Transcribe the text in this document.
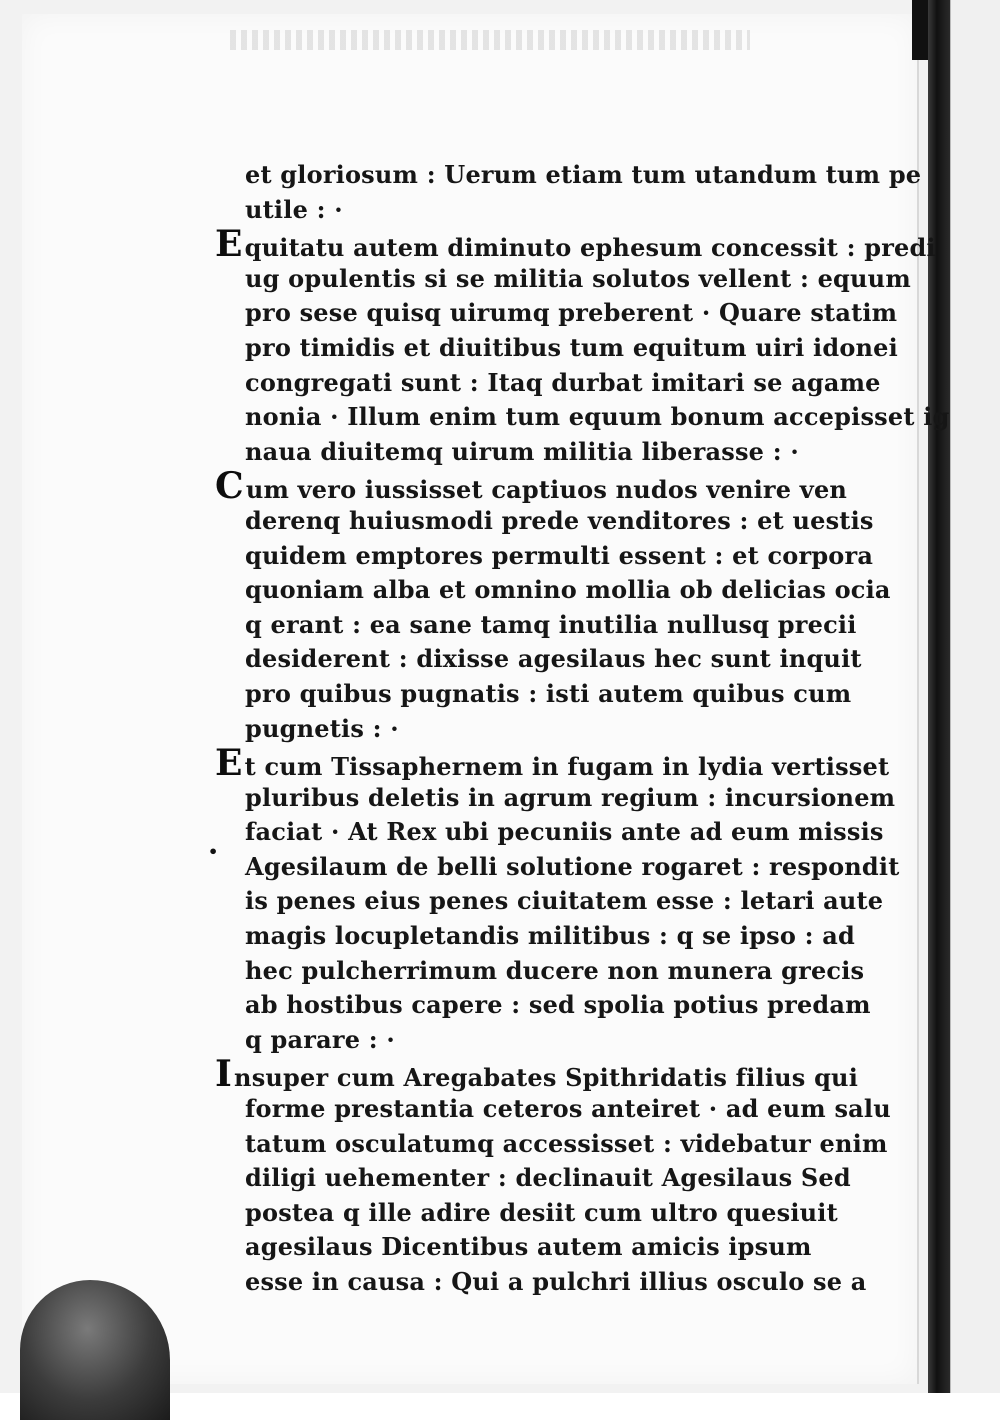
•
et gloriosum : Uerum etiam tum utandum tum pe
utile : ·
Equitatu autem diminuto ephesum concessit : predi
ug opulentis si se militia solutos vellent : equum
pro sese quisq uirumq preberent · Quare statim
pro timidis et diuitibus tum equitum uiri idonei
congregati sunt : Itaq durbat imitari se agame
nonia · Illum enim tum equum bonum accepisset ig
naua diuitemq uirum militia liberasse : ·
Cum vero iussisset captiuos nudos venire ven
derenq huiusmodi prede venditores : et uestis
quidem emptores permulti essent : et corpora
quoniam alba et omnino mollia ob delicias ocia
q erant : ea sane tamq inutilia nullusq precii
desiderent : dixisse agesilaus hec sunt inquit
pro quibus pugnatis : isti autem quibus cum
pugnetis : ·
Et cum Tissaphernem in fugam in lydia vertisset
pluribus deletis in agrum regium : incursionem
faciat · At Rex ubi pecuniis ante ad eum missis
Agesilaum de belli solutione rogaret : respondit
is penes eius penes ciuitatem esse : letari aute
magis locupletandis militibus : q se ipso : ad
hec pulcherrimum ducere non munera grecis
ab hostibus capere : sed spolia potius predam
q parare : ·
Insuper cum Aregabates Spithridatis filius qui
forme prestantia ceteros anteiret · ad eum salu
tatum osculatumq accessisset : videbatur enim
diligi uehementer : declinauit Agesilaus Sed
postea q ille adire desiit cum ultro quesiuit
agesilaus Dicentibus autem amicis ipsum
esse in causa : Qui a pulchri illius osculo se a
